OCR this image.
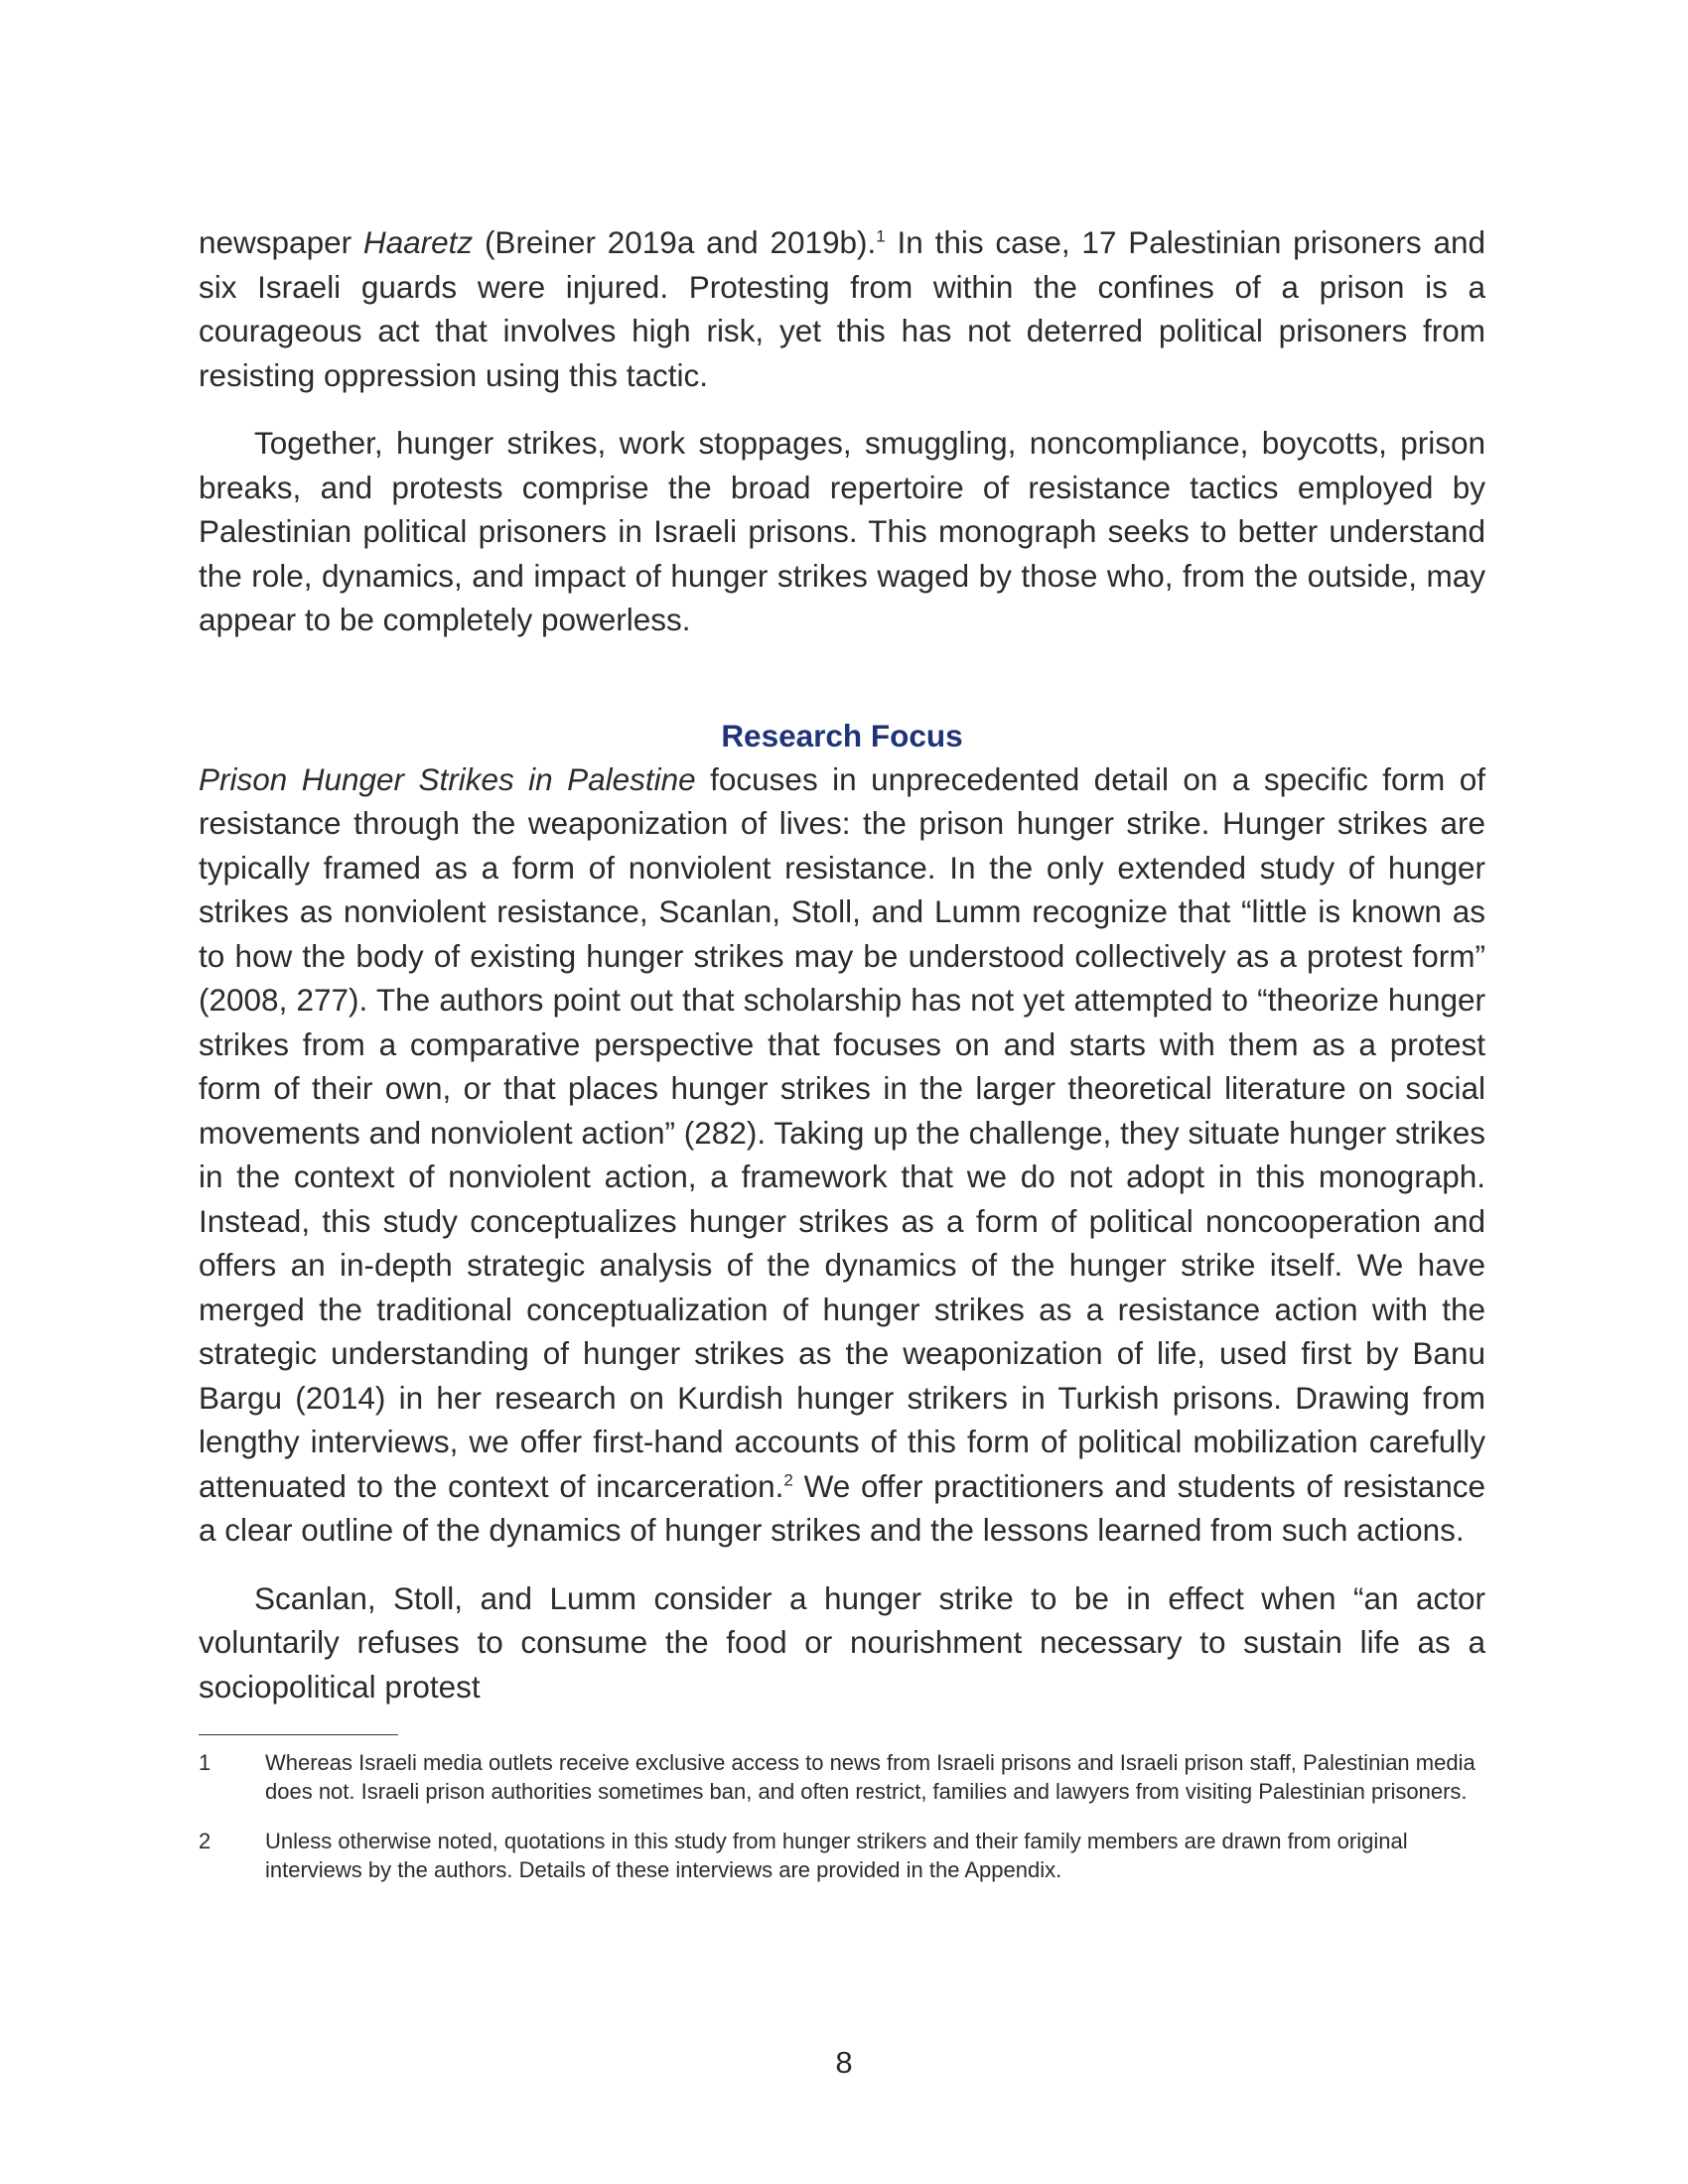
newspaper Haaretz (Breiner 2019a and 2019b).$^1$ In this case, 17 Palestinian prisoners and six Israeli guards were injured. Protesting from within the confines of a prison is a courageous act that involves high risk, yet this has not deterred political prisoners from resisting oppression using this tactic.

Together, hunger strikes, work stoppages, smuggling, noncompliance, boycotts, prison breaks, and protests comprise the broad repertoire of resistance tactics employed by Palestinian political prisoners in Israeli prisons. This monograph seeks to better understand the role, dynamics, and impact of hunger strikes waged by those who, from the outside, may appear to be completely powerless.

Research Focus

Prison Hunger Strikes in Palestine focuses in unprecedented detail on a specific form of resistance through the weaponization of lives: the prison hunger strike. Hunger strikes are typically framed as a form of nonviolent resistance. In the only extended study of hunger strikes as nonviolent resistance, Scanlan, Stoll, and Lumm recognize that “little is known as to how the body of existing hunger strikes may be understood collectively as a protest form” (2008, 277). The authors point out that scholarship has not yet attempted to “theorize hunger strikes from a comparative perspective that focuses on and starts with them as a protest form of their own, or that places hunger strikes in the larger theoretical literature on social movements and nonviolent action” (282). Taking up the challenge, they situate hunger strikes in the context of nonviolent action, a framework that we do not adopt in this monograph. Instead, this study conceptualizes hunger strikes as a form of political noncooperation and offers an in-depth strategic analysis of the dynamics of the hunger strike itself. We have merged the traditional conceptualization of hunger strikes as a resistance action with the strategic understanding of hunger strikes as the weaponization of life, used first by Banu Bargu (2014) in her research on Kurdish hunger strikers in Turkish prisons. Drawing from lengthy interviews, we offer first-hand accounts of this form of political mobilization carefully attenuated to the context of incarceration.$^2$ We offer practitioners and students of resistance a clear outline of the dynamics of hunger strikes and the lessons learned from such actions.

Scanlan, Stoll, and Lumm consider a hunger strike to be in effect when “an actor voluntarily refuses to consume the food or nourishment necessary to sustain life as a sociopolitical protest

1	Whereas Israeli media outlets receive exclusive access to news from Israeli prisons and Israeli prison staff, Palestinian media does not. Israeli prison authorities sometimes ban, and often restrict, families and lawyers from visiting Palestinian prisoners.
2	Unless otherwise noted, quotations in this study from hunger strikers and their family members are drawn from original interviews by the authors. Details of these interviews are provided in the Appendix.
8
